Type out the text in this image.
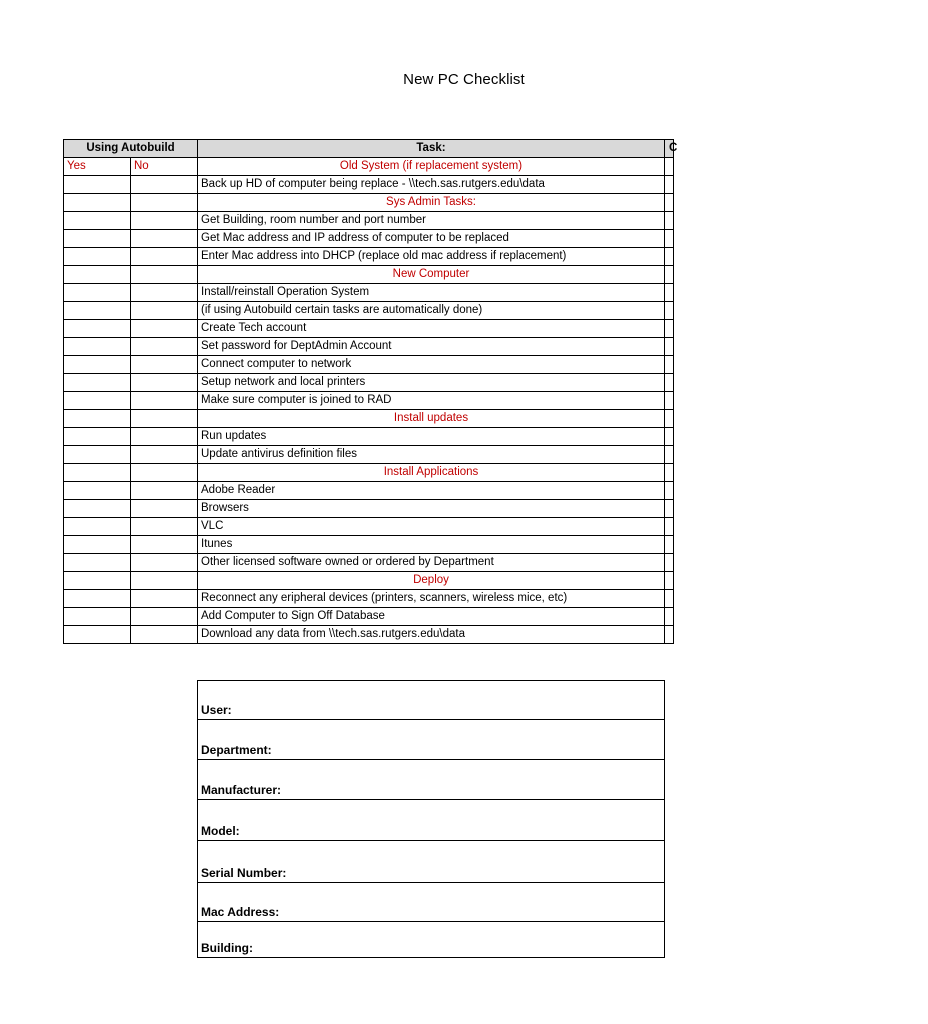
New PC Checklist
Using Autobuild		Task:	C
Yes	No	Old System (if replacement system)	
		Back up HD of computer being replace - \\tech.sas.rutgers.edu\data	
		Sys Admin Tasks:	
		Get Building, room number and port number	
		Get Mac address and IP address of computer to be replaced	
		Enter Mac address into DHCP (replace old mac address if replacement)	
		New Computer	
		Install/reinstall Operation System	
		(if using Autobuild certain tasks are automatically done)	
		Create Tech account	
		Set password for DeptAdmin Account	
		Connect computer to network	
		Setup network and local printers	
		Make sure computer is joined to RAD	
		Install updates	
		Run updates	
		Update antivirus definition files	
		Install Applications	
		Adobe Reader	
		Browsers	
		VLC	
		Itunes	
		Other licensed software owned or ordered by Department	
		Deploy	
		Reconnect any eripheral devices (printers, scanners, wireless mice, etc)	
		Add Computer to Sign Off Database	
		Download any data from \\tech.sas.rutgers.edu\data	
User:
Department:
Manufacturer:
Model:
Serial Number:
Mac Address:
Building:
